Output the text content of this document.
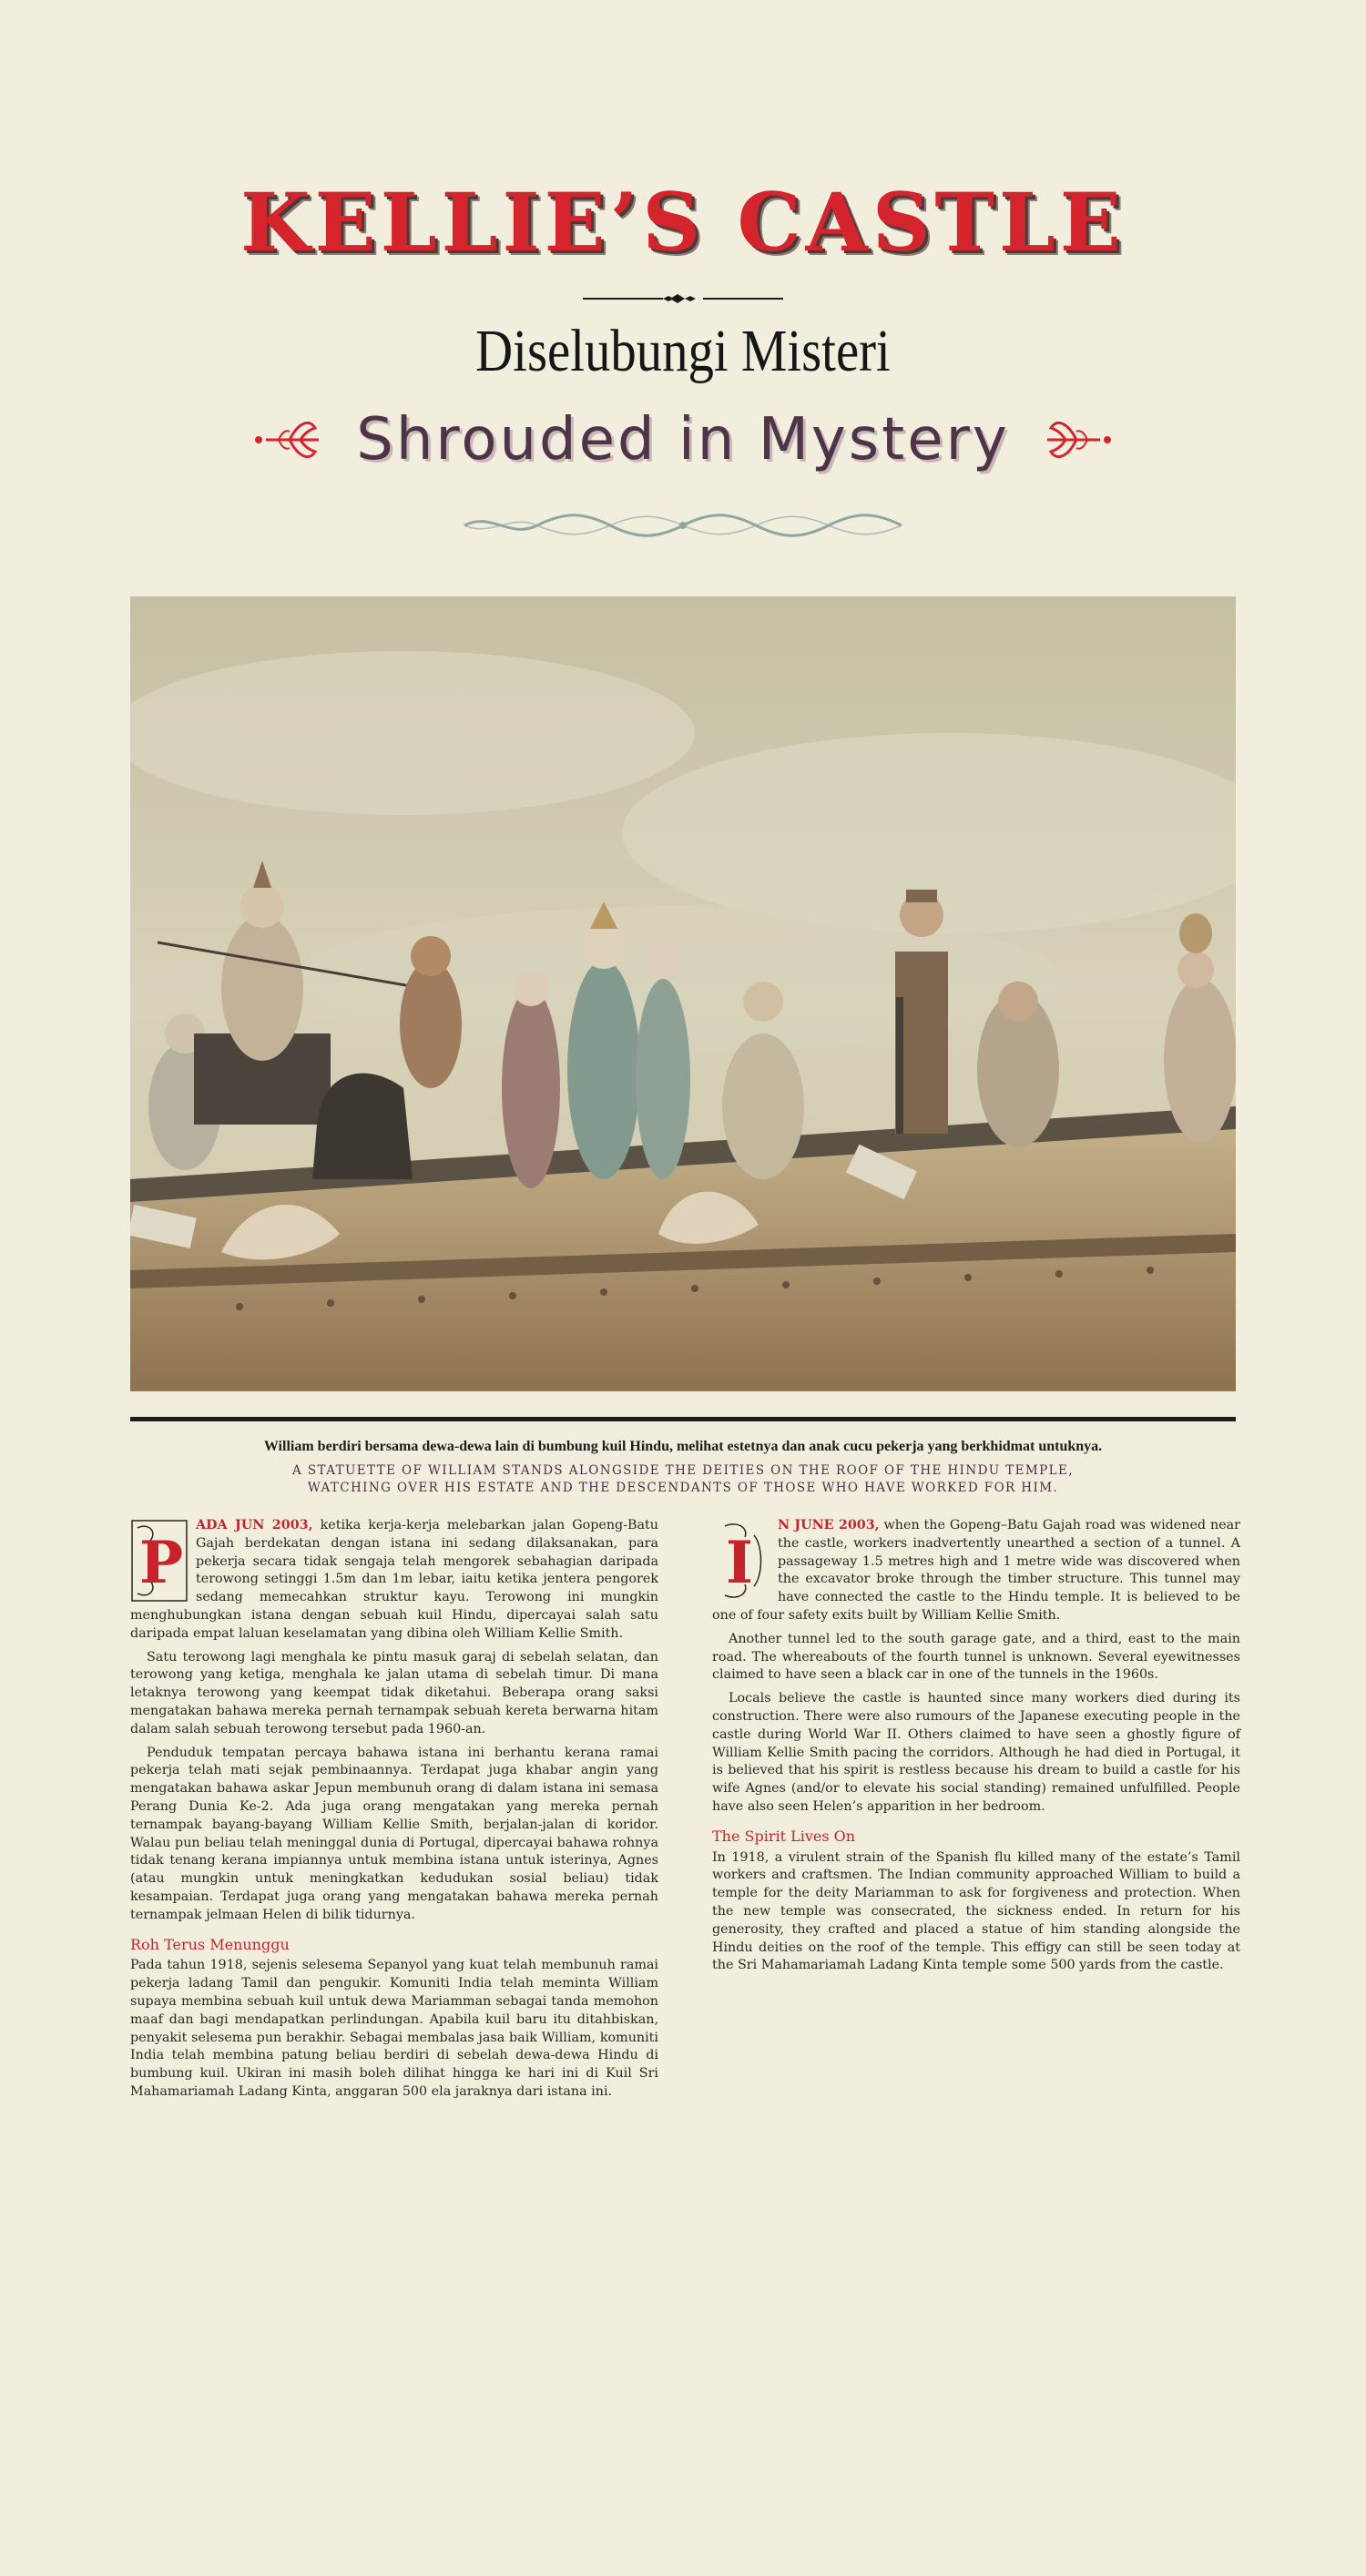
KELLIE’S CASTLE
Diselubungi Misteri
Shrouded in Mystery
William berdiri bersama dewa-dewa lain di bumbung kuil Hindu, melihat estetnya dan anak cucu pekerja yang berkhidmat untuknya.
A STATUETTE OF WILLIAM STANDS ALONGSIDE THE DEITIES ON THE ROOF OF THE HINDU TEMPLE,
WATCHING OVER HIS ESTATE AND THE DESCENDANTS OF THOSE WHO HAVE WORKED FOR HIM.

P
ADA JUN 2003, ketika kerja-kerja melebarkan jalan Gopeng-Batu Gajah berdekatan dengan istana ini sedang dilaksanakan, para pekerja secara tidak sengaja telah mengorek sebahagian daripada terowong setinggi 1.5m dan 1m lebar, iaitu ketika jentera pengorek sedang memecahkan struktur kayu. Terowong ini mungkin menghubungkan istana dengan sebuah kuil Hindu, dipercayai salah satu daripada empat laluan keselamatan yang dibina oleh William Kellie Smith.

Satu terowong lagi menghala ke pintu masuk garaj di sebelah selatan, dan terowong yang ketiga, menghala ke jalan utama di sebelah timur. Di mana letaknya terowong yang keempat tidak diketahui. Beberapa orang saksi mengatakan bahawa mereka pernah ternampak sebuah kereta berwarna hitam dalam salah sebuah terowong tersebut pada 1960-an.

Penduduk tempatan percaya bahawa istana ini berhantu kerana ramai pekerja telah mati sejak pembinaannya. Terdapat juga khabar angin yang mengatakan bahawa askar Jepun membunuh orang di dalam istana ini semasa Perang Dunia Ke-2. Ada juga orang mengatakan yang mereka pernah ternampak bayang-bayang William Kellie Smith, berjalan-jalan di koridor. Walau pun beliau telah meninggal dunia di Portugal, dipercayai bahawa rohnya tidak tenang kerana impiannya untuk membina istana untuk isterinya, Agnes (atau mungkin untuk meningkatkan kedudukan sosial beliau) tidak kesampaian. Terdapat juga orang yang mengatakan bahawa mereka pernah ternampak jelmaan Helen di bilik tidurnya.

Roh Terus Menunggu

Pada tahun 1918, sejenis selesema Sepanyol yang kuat telah membunuh ramai pekerja ladang Tamil dan pengukir. Komuniti India telah meminta William supaya membina sebuah kuil untuk dewa Mariamman sebagai tanda memohon maaf dan bagi mendapatkan perlindungan. Apabila kuil baru itu ditahbiskan, penyakit selesema pun berakhir. Sebagai membalas jasa baik William, komuniti India telah membina patung beliau berdiri di sebelah dewa-dewa Hindu di bumbung kuil. Ukiran ini masih boleh dilihat hingga ke hari ini di Kuil Sri Mahamariamah Ladang Kinta, anggaran 500 ela jaraknya dari istana ini.

I
N JUNE 2003, when the Gopeng–Batu Gajah road was widened near the castle, workers inadvertently unearthed a section of a tunnel. A passageway 1.5 metres high and 1 metre wide was discovered when the excavator broke through the timber structure. This tunnel may have connected the castle to the Hindu temple. It is believed to be one of four safety exits built by William Kellie Smith.

Another tunnel led to the south garage gate, and a third, east to the main road. The whereabouts of the fourth tunnel is unknown. Several eyewitnesses claimed to have seen a black car in one of the tunnels in the 1960s.

Locals believe the castle is haunted since many workers died during its construction. There were also rumours of the Japanese executing people in the castle during World War II. Others claimed to have seen a ghostly figure of William Kellie Smith pacing the corridors. Although he had died in Portugal, it is believed that his spirit is restless because his dream to build a castle for his wife Agnes (and/or to elevate his social standing) remained unfulfilled. People have also seen Helen’s apparition in her bedroom.

The Spirit Lives On

In 1918, a virulent strain of the Spanish flu killed many of the estate’s Tamil workers and craftsmen. The Indian community approached William to build a temple for the deity Mariamman to ask for forgiveness and protection. When the new temple was consecrated, the sickness ended. In return for his generosity, they crafted and placed a statue of him standing alongside the Hindu deities on the roof of the temple. This effigy can still be seen today at the Sri Mahamariamah Ladang Kinta temple some 500 yards from the castle.
